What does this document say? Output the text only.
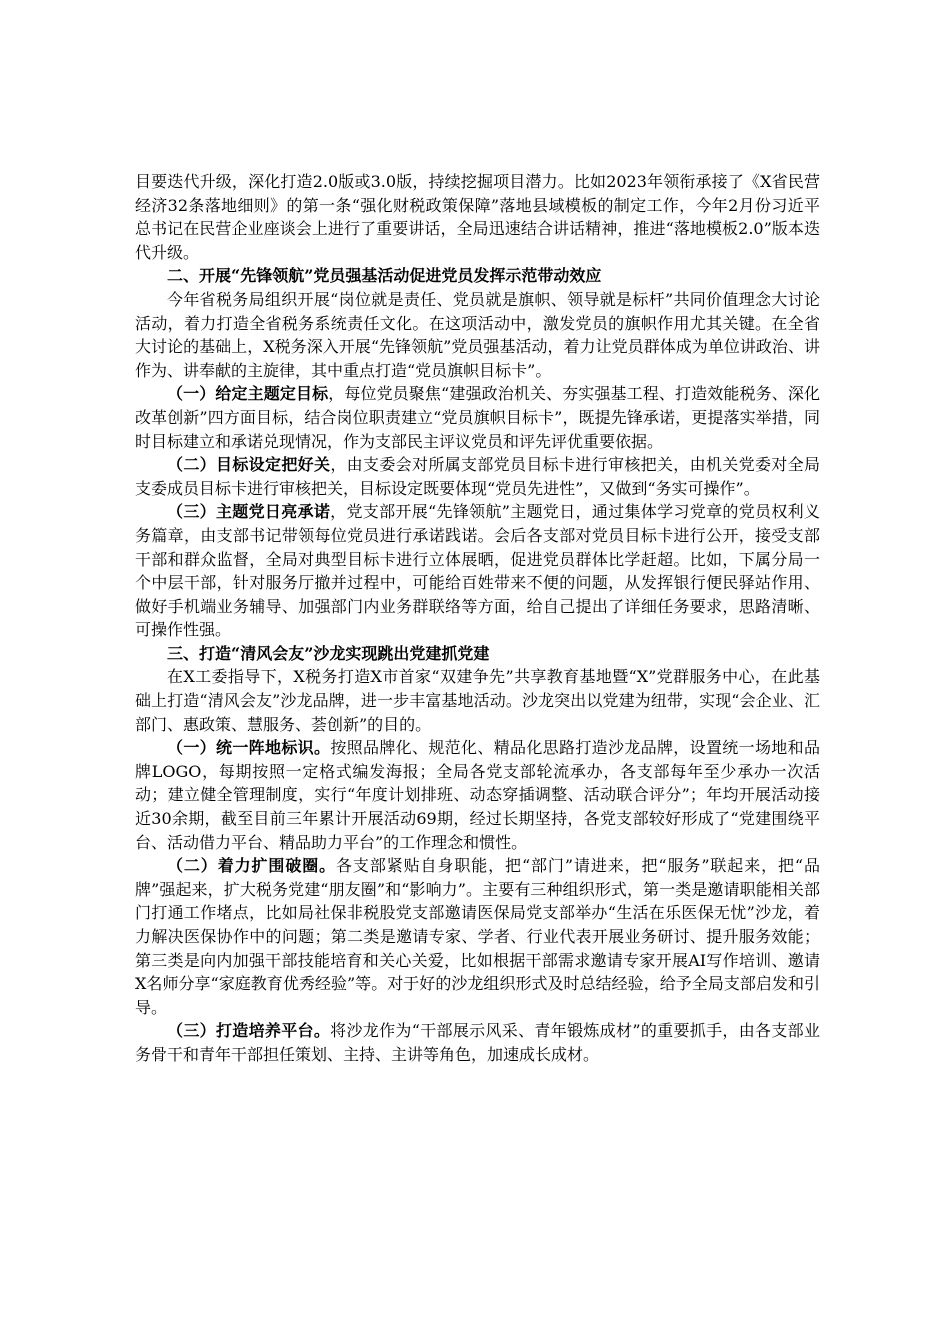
目要迭代升级，深化打造2.0版或3.0版，持续挖掘项目潜力。比如2023年领衔承接了《X省民营经济32条落地细则》的第一条“强化财税政策保障”落地县域模板的制定工作，今年2月份习近平总书记在民营企业座谈会上进行了重要讲话，全局迅速结合讲话精神，推进“落地模板2.0”版本迭代升级。

二、开展“先锋领航”党员强基活动促进党员发挥示范带动效应

今年省税务局组织开展“岗位就是责任、党员就是旗帜、领导就是标杆”共同价值理念大讨论活动，着力打造全省税务系统责任文化。在这项活动中，激发党员的旗帜作用尤其关键。在全省大讨论的基础上，X税务深入开展“先锋领航”党员强基活动，着力让党员群体成为单位讲政治、讲作为、讲奉献的主旋律，其中重点打造“党员旗帜目标卡”。

（一）给定主题定目标，每位党员聚焦“建强政治机关、夯实强基工程、打造效能税务、深化改革创新”四方面目标，结合岗位职责建立“党员旗帜目标卡”，既提先锋承诺，更提落实举措，同时目标建立和承诺兑现情况，作为支部民主评议党员和评先评优重要依据。

（二）目标设定把好关，由支委会对所属支部党员目标卡进行审核把关，由机关党委对全局支委成员目标卡进行审核把关，目标设定既要体现“党员先进性”，又做到“务实可操作”。

（三）主题党日亮承诺，党支部开展“先锋领航”主题党日，通过集体学习党章的党员权利义务篇章，由支部书记带领每位党员进行承诺践诺。会后各支部对党员目标卡进行公开，接受支部干部和群众监督，全局对典型目标卡进行立体展晒，促进党员群体比学赶超。比如，下属分局一个中层干部，针对服务厅撤并过程中，可能给百姓带来不便的问题，从发挥银行便民驿站作用、做好手机端业务辅导、加强部门内业务群联络等方面，给自己提出了详细任务要求，思路清晰、可操作性强。

三、打造“清风会友”沙龙实现跳出党建抓党建

在X工委指导下，X税务打造X市首家“双建争先”共享教育基地暨“X”党群服务中心，在此基础上打造“清风会友”沙龙品牌，进一步丰富基地活动。沙龙突出以党建为纽带，实现“会企业、汇部门、惠政策、慧服务、荟创新”的目的。

（一）统一阵地标识。按照品牌化、规范化、精品化思路打造沙龙品牌，设置统一场地和品牌LOGO，每期按照一定格式编发海报；全局各党支部轮流承办，各支部每年至少承办一次活动；建立健全管理制度，实行“年度计划排班、动态穿插调整、活动联合评分”；年均开展活动接近30余期，截至目前三年累计开展活动69期，经过长期坚持，各党支部较好形成了“党建围绕平台、活动借力平台、精品助力平台”的工作理念和惯性。

（二）着力扩围破圈。各支部紧贴自身职能，把“部门”请进来，把“服务”联起来，把“品牌”强起来，扩大税务党建“朋友圈”和“影响力”。主要有三种组织形式，第一类是邀请职能相关部门打通工作堵点，比如局社保非税股党支部邀请医保局党支部举办“生活在乐医保无忧”沙龙，着力解决医保协作中的问题；第二类是邀请专家、学者、行业代表开展业务研讨、提升服务效能；第三类是向内加强干部技能培育和关心关爱，比如根据干部需求邀请专家开展AI写作培训、邀请X名师分享“家庭教育优秀经验”等。对于好的沙龙组织形式及时总结经验，给予全局支部启发和引导。

（三）打造培养平台。将沙龙作为“干部展示风采、青年锻炼成材”的重要抓手，由各支部业务骨干和青年干部担任策划、主持、主讲等角色，加速成长成材。
